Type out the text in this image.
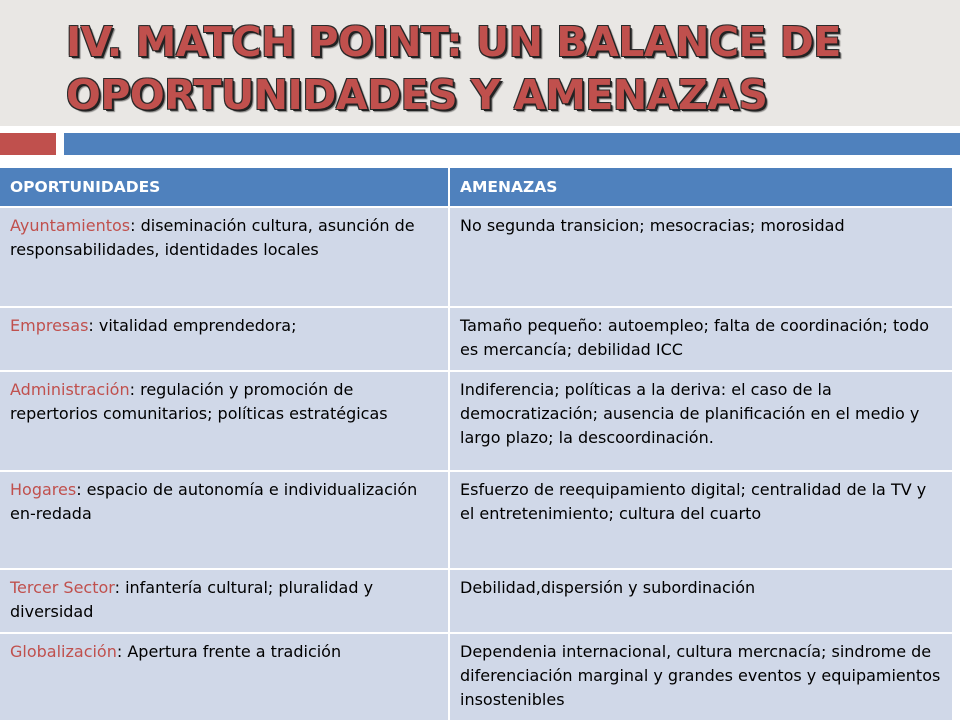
IV. MATCH POINT: UN BALANCE DE OPORTUNIDADES Y AMENAZAS
OPORTUNIDADES	AMENAZAS
Ayuntamientos: diseminación cultura, asunción de responsabilidades, identidades locales	No segunda transicion; mesocracias; morosidad
Empresas: vitalidad emprendedora;	Tamaño pequeño: autoempleo; falta de coordinación; todo es mercancía; debilidad ICC
Administración: regulación y promoción de repertorios comunitarios; políticas estratégicas	Indiferencia; políticas a la deriva: el caso de la democratización; ausencia de planificación en el medio y largo plazo; la descoordinación.
Hogares: espacio de autonomía e individualización en-redada	Esfuerzo de reequipamiento digital; centralidad de la TV y el entretenimiento; cultura del cuarto
Tercer Sector: infantería cultural; pluralidad y diversidad	Debilidad,dispersión y subordinación
Globalización: Apertura frente a tradición	Dependenia internacional, cultura mercnacía; sindrome de diferenciación marginal y grandes eventos y equipamientos insostenibles
